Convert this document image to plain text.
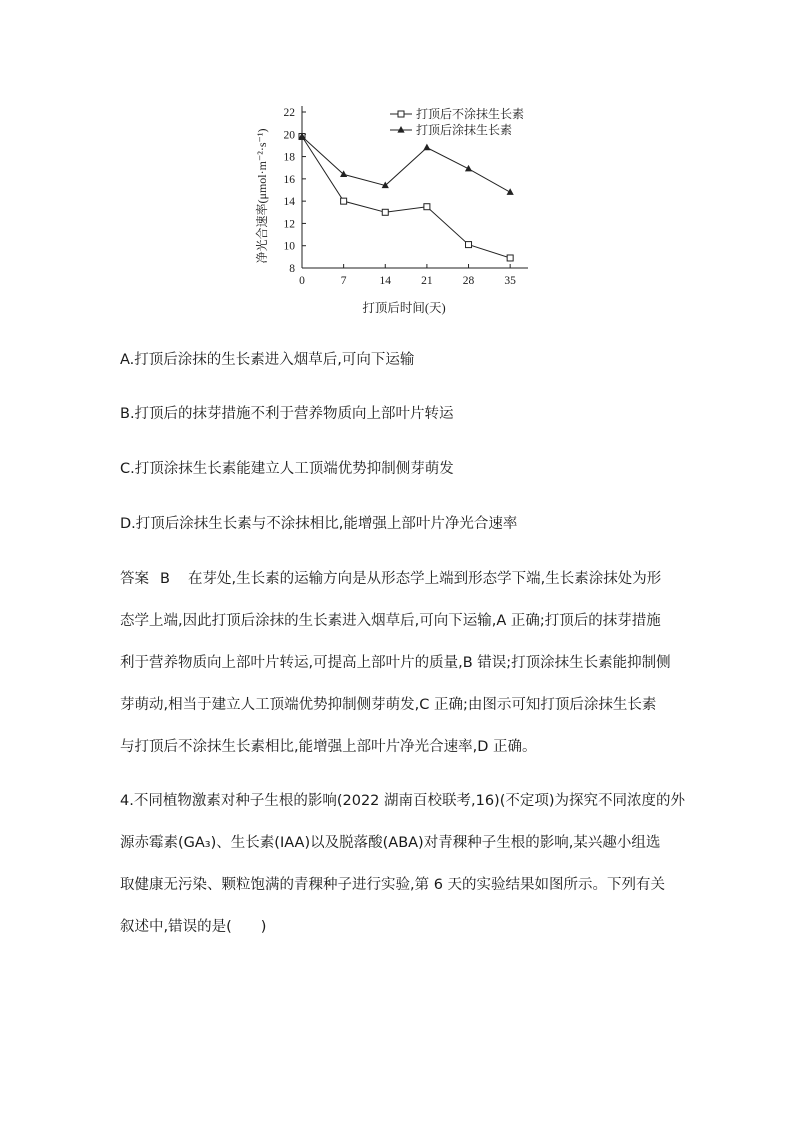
8
10
12
14
16
18
20
22
0	7	14	21	28	35
打顶后不涂抹生长素
打顶后涂抹生长素
净光合速率(μmol·m⁻²·s⁻¹)
打顶后时间(天)
A.打顶后涂抹的生长素进入烟草后,可向下运输
B.打顶后的抹芽措施不利于营养物质向上部叶片转运
C.打顶涂抹生长素能建立人工顶端优势抑制侧芽萌发
D.打顶后涂抹生长素与不涂抹相比,能增强上部叶片净光合速率
答案 B 在芽处,生长素的运输方向是从形态学上端到形态学下端,生长素涂抹处为形
态学上端,因此打顶后涂抹的生长素进入烟草后,可向下运输,A 正确;打顶后的抹芽措施
利于营养物质向上部叶片转运,可提高上部叶片的质量,B 错误;打顶涂抹生长素能抑制侧
芽萌动,相当于建立人工顶端优势抑制侧芽萌发,C 正确;由图示可知打顶后涂抹生长素
与打顶后不涂抹生长素相比,能增强上部叶片净光合速率,D 正确。
4.不同植物激素对种子生根的影响(2022 湖南百校联考,16)(不定项)为探究不同浓度的外
源赤霉素(GA₃)、生长素(IAA)以及脱落酸(ABA)对青稞种子生根的影响,某兴趣小组选
取健康无污染、颗粒饱满的青稞种子进行实验,第 6 天的实验结果如图所示。下列有关
叙述中,错误的是(　　)
